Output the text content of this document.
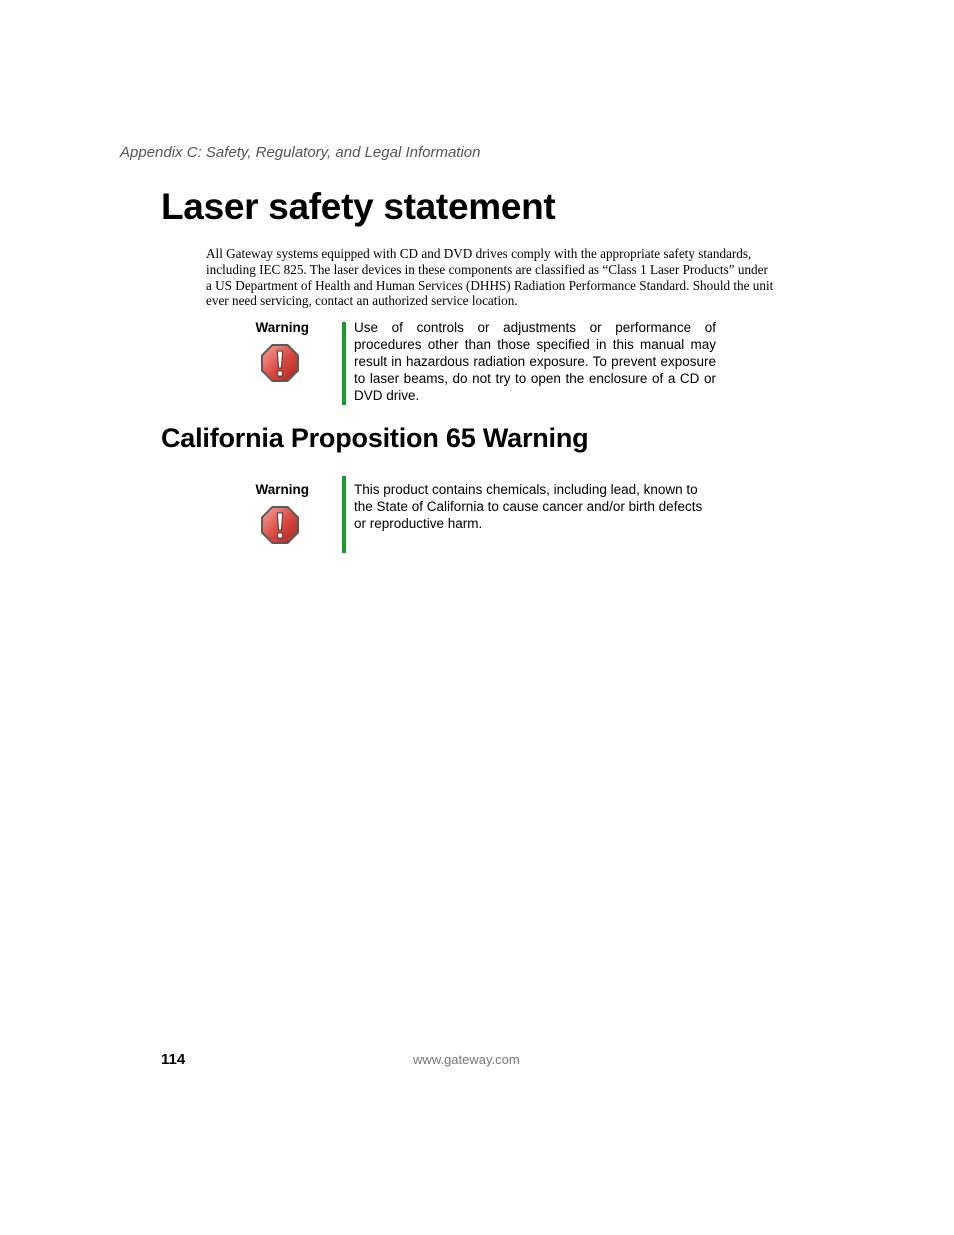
Appendix C: Safety, Regulatory, and Legal Information
Laser safety statement

All Gateway systems equipped with CD and DVD drives comply with the appropriate safety standards, including IEC 825. The laser devices in these components are classified as “Class 1 Laser Products” under a US Department of Health and Human Services (DHHS) Radiation Performance Standard. Should the unit ever need servicing, contact an authorized service location.

Warning	Use of controls or adjustments or performance of procedures other than those specified in this manual may result in hazardous radiation exposure. To prevent exposure to laser beams, do not try to open the enclosure of a CD or DVD drive.

California Proposition 65 Warning
Warning	This product contains chemicals, including lead, known to the State of California to cause cancer and/or birth defects or reproductive harm.

114	www.gateway.com
